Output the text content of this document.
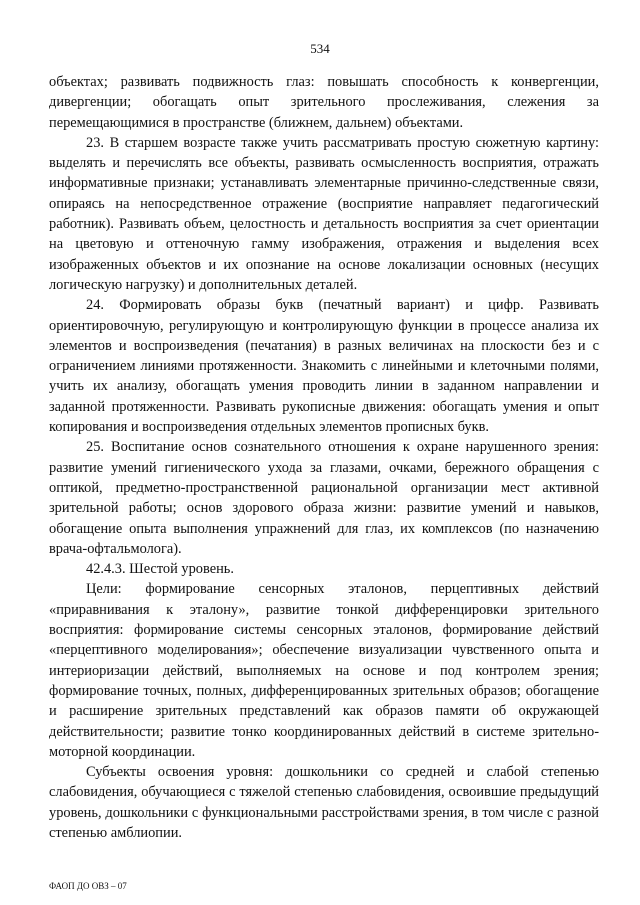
534

объектах; развивать подвижность глаз: повышать способность к конвергенции, дивергенции; обогащать опыт зрительного прослеживания, слежения за перемещающимися в пространстве (ближнем, дальнем) объектами.

23. В старшем возрасте также учить рассматривать простую сюжетную картину: выделять и перечислять все объекты, развивать осмысленность восприятия, отражать информативные признаки; устанавливать элементарные причинно-следственные связи, опираясь на непосредственное отражение (восприятие направляет педагогический работник). Развивать объем, целостность и детальность восприятия за счет ориентации на цветовую и оттеночную гамму изображения, отражения и выделения всех изображенных объектов и их опознание на основе локализации основных (несущих логическую нагрузку) и дополнительных деталей.

24. Формировать образы букв (печатный вариант) и цифр. Развивать ориентировочную, регулирующую и контролирующую функции в процессе анализа их элементов и воспроизведения (печатания) в разных величинах на плоскости без и с ограничением линиями протяженности. Знакомить с линейными и клеточными полями, учить их анализу, обогащать умения проводить линии в заданном направлении и заданной протяженности. Развивать рукописные движения: обогащать умения и опыт копирования и воспроизведения отдельных элементов прописных букв.

25. Воспитание основ сознательного отношения к охране нарушенного зрения: развитие умений гигиенического ухода за глазами, очками, бережного обращения с оптикой, предметно-пространственной рациональной организации мест активной зрительной работы; основ здорового образа жизни: развитие умений и навыков, обогащение опыта выполнения упражнений для глаз, их комплексов (по назначению врача-офтальмолога).

42.4.3. Шестой уровень.

Цели: формирование сенсорных эталонов, перцептивных действий «приравнивания к эталону», развитие тонкой дифференцировки зрительного восприятия: формирование системы сенсорных эталонов, формирование действий «перцептивного моделирования»; обеспечение визуализации чувственного опыта и интериоризации действий, выполняемых на основе и под контролем зрения; формирование точных, полных, дифференцированных зрительных образов; обогащение и расширение зрительных представлений как образов памяти об окружающей действительности; развитие тонко координированных действий в системе зрительно-моторной координации.

Субъекты освоения уровня: дошкольники со средней и слабой степенью слабовидения, обучающиеся с тяжелой степенью слабовидения, освоившие предыдущий уровень, дошкольники с функциональными расстройствами зрения, в том числе с разной степенью амблиопии.

ФАОП ДО ОВЗ – 07
